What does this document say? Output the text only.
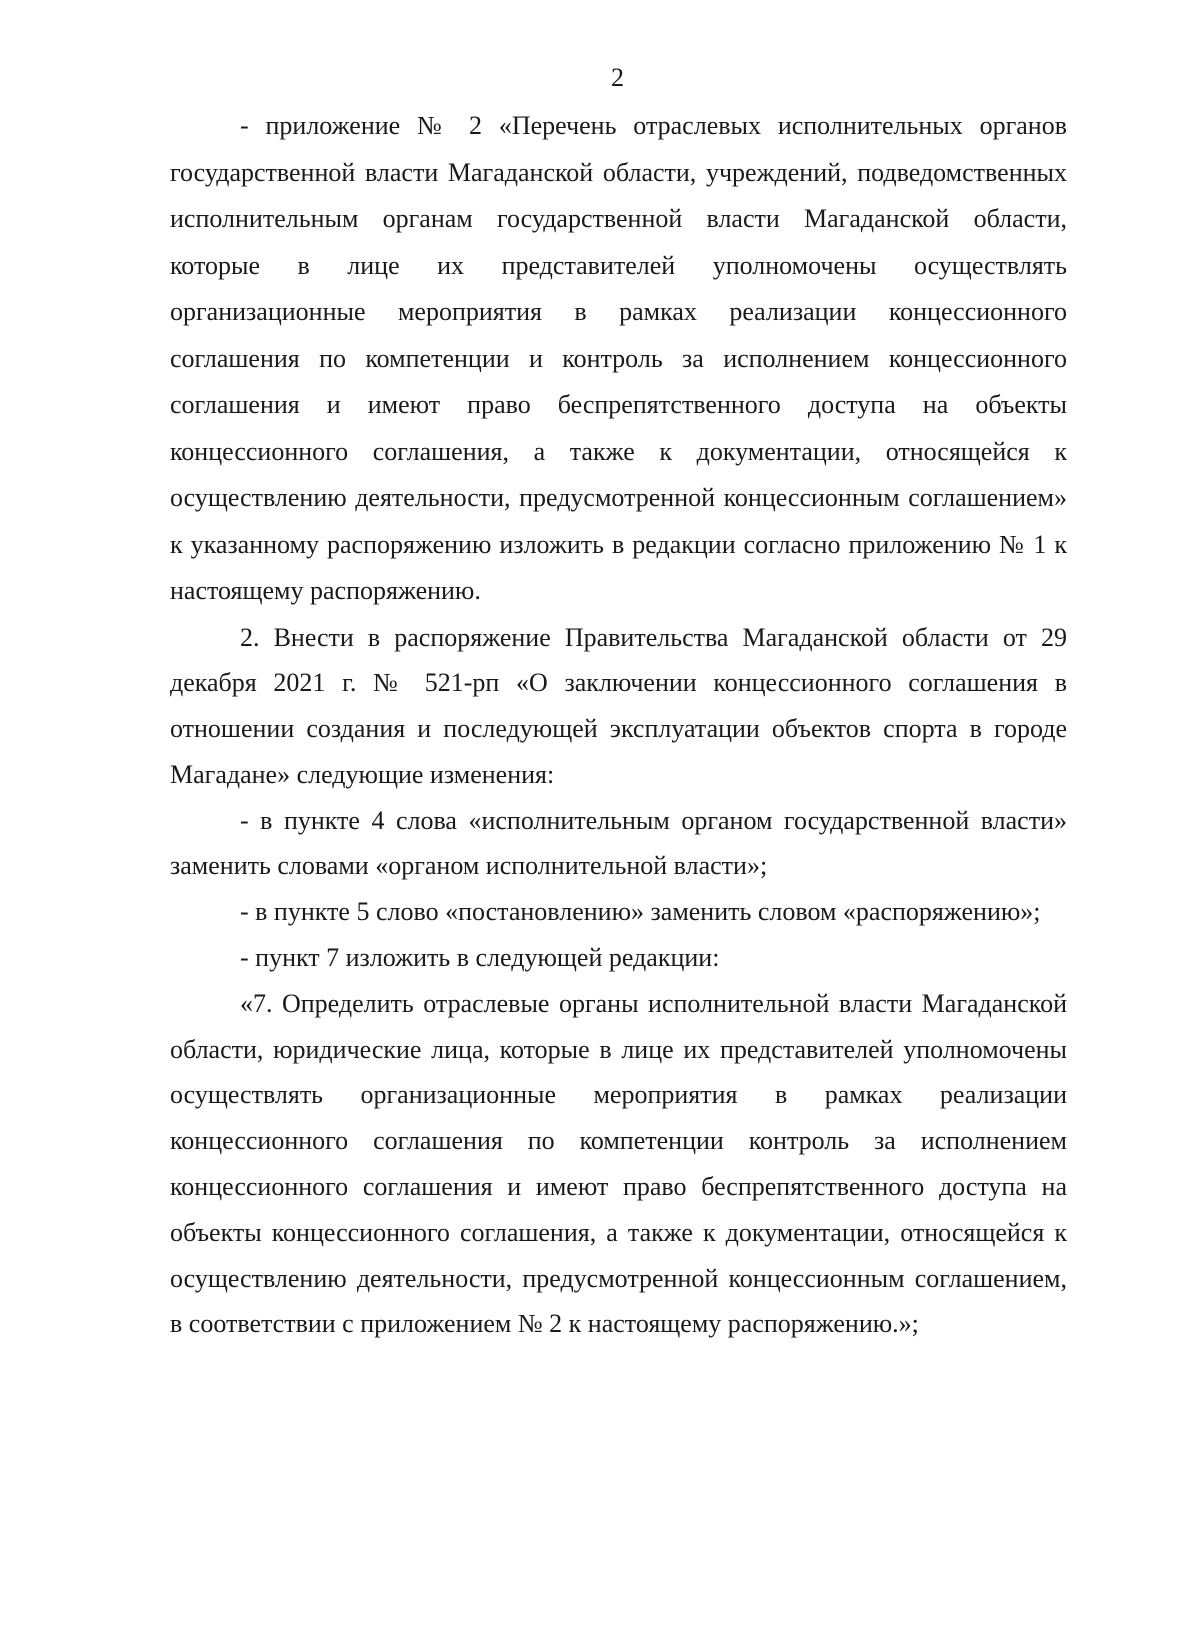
2

- приложение № 2 «Перечень отраслевых исполнительных органов государственной власти Магаданской области, учреждений, подведомственных исполнительным органам государственной власти Магаданской области, которые в лице их представителей уполномочены осуществлять организационные мероприятия в рамках реализации концессионного соглашения по компетенции и контроль за исполнением концессионного соглашения и имеют право беспрепятственного доступа на объекты концессионного соглашения, а также к документации, относящейся к осуществлению деятельности, предусмотренной концессионным соглашением» к указанному распоряжению изложить в редакции согласно приложению № 1 к настоящему распоряжению.

2. Внести в распоряжение Правительства Магаданской области от 29 декабря 2021 г. № 521-рп «О заключении концессионного соглашения в отношении создания и последующей эксплуатации объектов спорта в городе Магадане» следующие изменения:

- в пункте 4 слова «исполнительным органом государственной власти» заменить словами «органом исполнительной власти»;

- в пункте 5 слово «постановлению» заменить словом «распоряжению»;

- пункт 7 изложить в следующей редакции:

«7. Определить отраслевые органы исполнительной власти Магаданской области, юридические лица, которые в лице их представителей уполномочены осуществлять организационные мероприятия в рамках реализации концессионного соглашения по компетенции контроль за исполнением концессионного соглашения и имеют право беспрепятственного доступа на объекты концессионного соглашения, а также к документации, относящейся к осуществлению деятельности, предусмотренной концессионным соглашением, в соответствии с приложением № 2 к настоящему распоряжению.»;
